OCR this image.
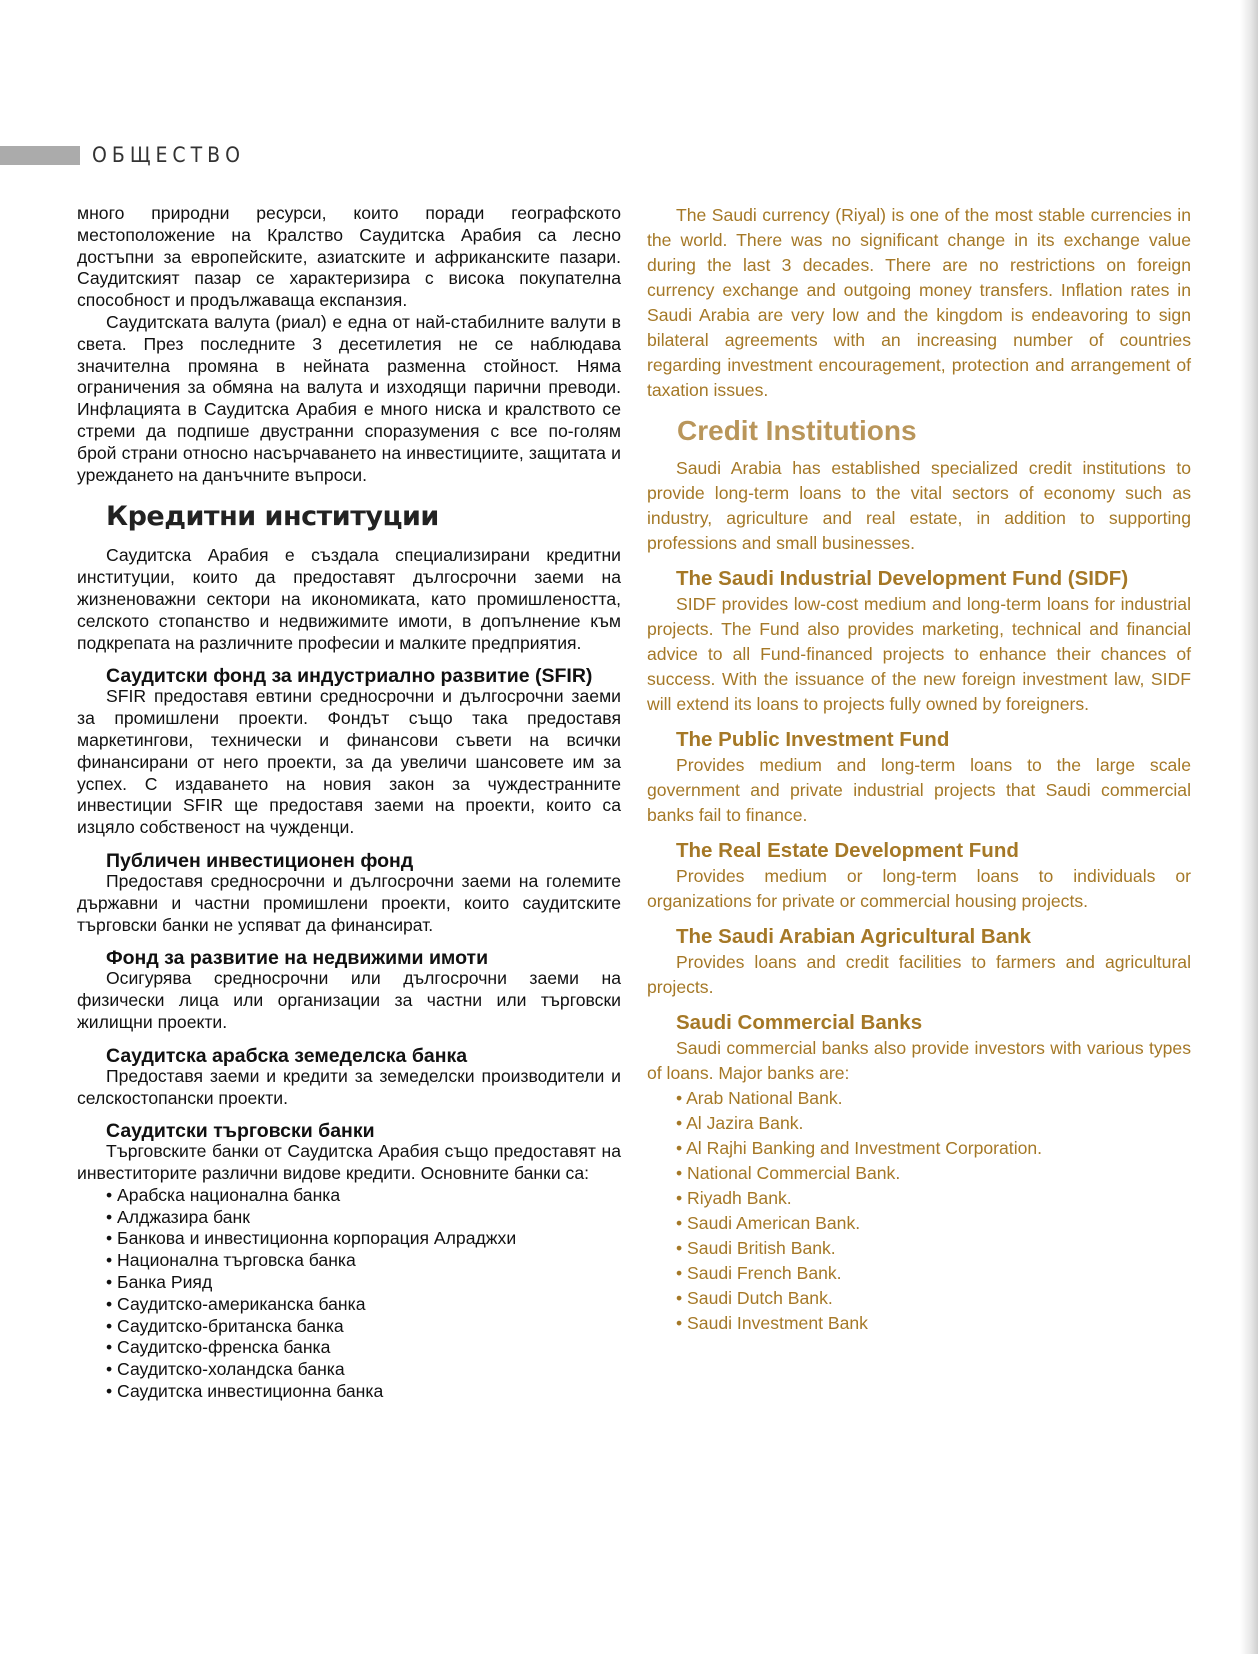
ОБЩЕСТВО

много природни ресурси, които поради географското местоположение на Кралство Саудитска Арабия са лесно достъпни за европейските, азиатските и африканските пазари. Саудитският пазар се характеризира с висока покупателна способност и продължаваща експанзия.

Саудитската валута (риал) е една от най-стабилните валути в света. През последните 3 десетилетия не се наблюдава значителна промяна в нейната разменна стойност. Няма ограничения за обмяна на валута и изходящи парични преводи. Инфлацията в Саудитска Арабия е много ниска и кралството се стреми да подпише двустранни споразумения с все по-голям брой страни относно насърчаването на инвестициите, защитата и уреждането на данъчните въпроси.

Кредитни институции

Саудитска Арабия е създала специализирани кредитни институции, които да предоставят дългосрочни заеми на жизненоважни сектори на икономиката, като промишлеността, селското стопанство и недвижимите имоти, в допълнение към подкрепата на различните професии и малките предприятия.

Саудитски фонд за индустриално развитие (SFIR)

SFIR предоставя евтини средносрочни и дългосрочни заеми за промишлени проекти. Фондът също така предоставя маркетингови, технически и финансови съвети на всички финансирани от него проекти, за да увеличи шансовете им за успех. С издаването на новия закон за чуждестранните инвестиции SFIR ще предоставя заеми на проекти, които са изцяло собственост на чужденци.

Публичен инвестиционен фонд

Предоставя средносрочни и дългосрочни заеми на големите държавни и частни промишлени проекти, които саудитските търговски банки не успяват да финансират.

Фонд за развитие на недвижими имоти

Осигурява средносрочни или дългосрочни заеми на физически лица или организации за частни или търговски жилищни проекти.

Саудитска арабска земеделска банка

Предоставя заеми и кредити за земеделски производители и селскостопански проекти.

Саудитски търговски банки

Търговските банки от Саудитска Арабия също предоставят на инвеститорите различни видове кредити. Основните банки са:

• Арабска национална банка
• Алджазира банк
• Банкова и инвестиционна корпорация Алраджхи
• Национална търговска банка
• Банка Рияд
• Саудитско-американска банка
• Саудитско-британска банка
• Саудитско-френска банка
• Саудитско-холандска банка
• Саудитска инвестиционна банка

The Saudi currency (Riyal) is one of the most stable currencies in the world. There was no significant change in its exchange value during the last 3 decades. There are no restrictions on foreign currency exchange and outgoing money transfers. Inflation rates in Saudi Arabia are very low and the kingdom is endeavoring to sign bilateral agreements with an increasing number of countries regarding investment encouragement, protection and arrangement of taxation issues.

Credit Institutions

Saudi Arabia has established specialized credit institutions to provide long-term loans to the vital sectors of economy such as industry, agriculture and real estate, in addition to supporting professions and small businesses.

The Saudi Industrial Development Fund (SIDF)

SIDF provides low-cost medium and long-term loans for industrial projects. The Fund also provides marketing, technical and financial advice to all Fund-financed projects to enhance their chances of success. With the issuance of the new foreign investment law, SIDF will extend its loans to projects fully owned by foreigners.

The Public Investment Fund

Provides medium and long-term loans to the large scale government and private industrial projects that Saudi commercial banks fail to finance.

The Real Estate Development Fund

Provides medium or long-term loans to individuals or organizations for private or commercial housing projects.

The Saudi Arabian Agricultural Bank

Provides loans and credit facilities to farmers and agricultural projects.

Saudi Commercial Banks

Saudi commercial banks also provide investors with various types of loans. Major banks are:

• Arab National Bank.
• Al Jazira Bank.
• Al Rajhi Banking and Investment Corporation.
• National Commercial Bank.
• Riyadh Bank.
• Saudi American Bank.
• Saudi British Bank.
• Saudi French Bank.
• Saudi Dutch Bank.
• Saudi Investment Bank
